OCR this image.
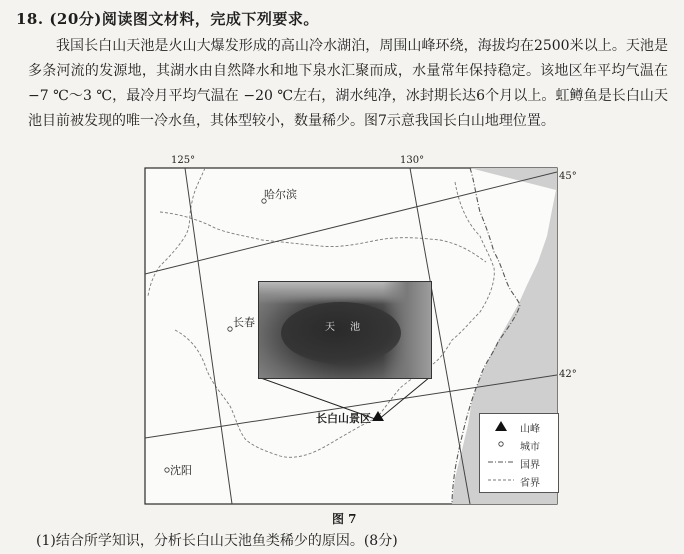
18. (20分)阅读图文材料，完成下列要求。

我国长白山天池是火山大爆发形成的高山冷水湖泊，周围山峰环绕，海拔均在2500米以上。天池是多条河流的发源地，其湖水由自然降水和地下泉水汇聚而成，水量常年保持稳定。该地区年平均气温在 −7 ℃～3 ℃，最冷月平均气温在 −20 ℃左右，湖水纯净，冰封期长达6个月以上。虹鳟鱼是长白山天池目前被发现的唯一冷水鱼，其体型较小，数量稀少。图7示意我国长白山地理位置。

天 池
125°	130°
45°
42°
哈尔滨
长春
沈阳
长白山景区
山峰
城市
国界
省界
图 7
(1)结合所学知识，分析长白山天池鱼类稀少的原因。(8分)
